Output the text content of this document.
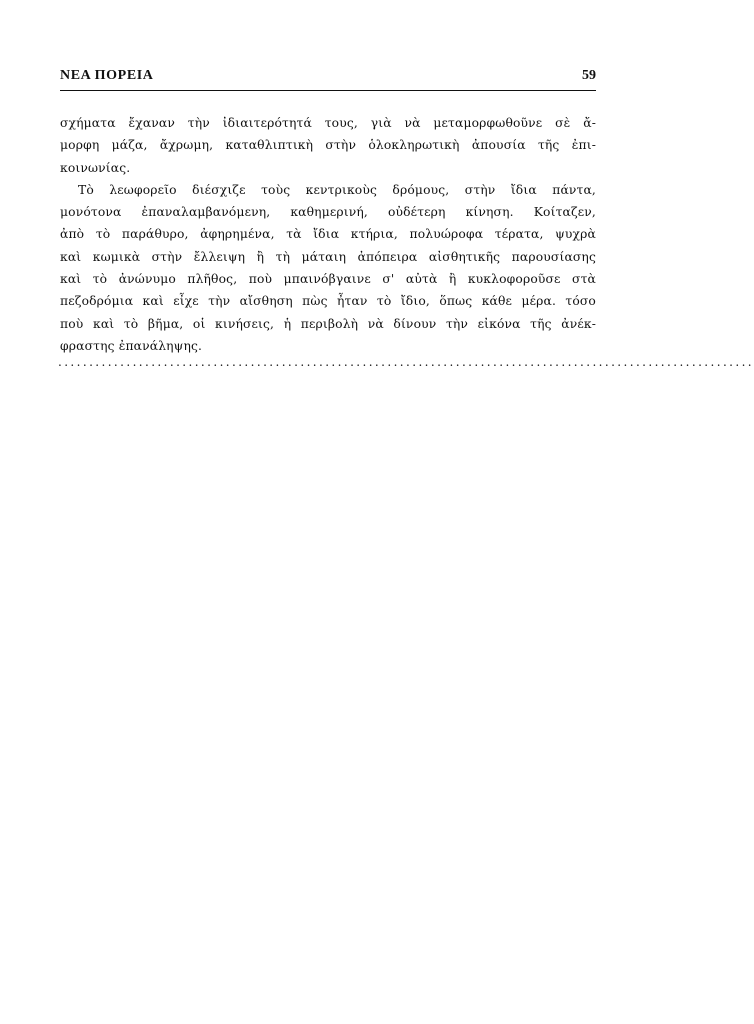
ΝΕΑ ΠΟΡΕΙΑ	59
σχήματα ἔχαναν τὴν ἰδιαιτερότητά τους, γιὰ νὰ μεταμορφωθοῦνε σὲ ἄ-
μορφη μάζα, ἄχρωμη, καταθλιπτικὴ στὴν ὁλοκληρωτικὴ ἀπουσία τῆς ἐπι-
κοινωνίας.
Τὸ λεωφορεῖο διέσχιζε τοὺς κεντρικοὺς δρόμους, στὴν ἴδια πάντα,
μονότονα ἐπαναλαμβανόμενη, καθημερινή, οὐδέτερη κίνηση. Κοίταζεν,
ἀπὸ τὸ παράθυρο, ἀφηρημένα, τὰ ἴδια κτήρια, πολυώροφα τέρατα, ψυχρὰ
καὶ κωμικὰ στὴν ἔλλειψη ἢ τὴ μάταιη ἀπόπειρα αἰσθητικῆς παρουσίασης
καὶ τὸ ἀνώνυμο πλῆθος, ποὺ μπαινόβγαινε σ' αὐτὰ ἢ κυκλοφοροῦσε στὰ
πεζοδρόμια καὶ εἶχε τὴν αἴσθηση πὼς ἦταν τὸ ἴδιο, ὅπως κάθε μέρα. τόσο
ποὺ καὶ τὸ βῆμα, οἱ κινήσεις, ἡ περιβολὴ νὰ δίνουν τὴν εἰκόνα τῆς ἀνέκ-
φραστης ἐπανάληψης.
................................................................................................................
